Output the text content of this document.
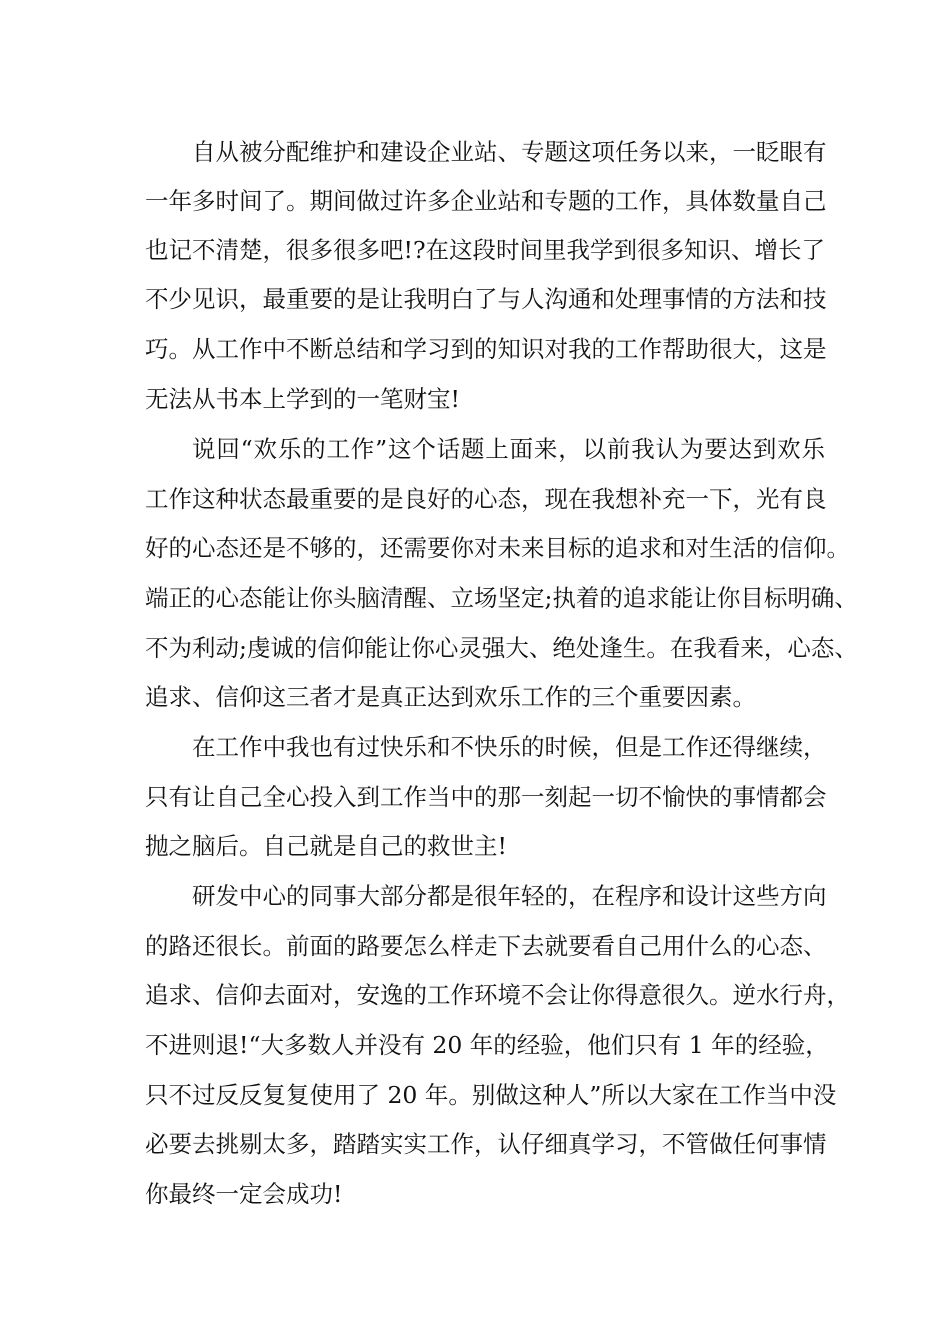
自从被分配维护和建设企业站、专题这项任务以来，一眨眼有
一年多时间了。期间做过许多企业站和专题的工作，具体数量自己
也记不清楚，很多很多吧!?在这段时间里我学到很多知识、增长了
不少见识，最重要的是让我明白了与人沟通和处理事情的方法和技
巧。从工作中不断总结和学习到的知识对我的工作帮助很大，这是
无法从书本上学到的一笔财宝!
说回“欢乐的工作”这个话题上面来，以前我认为要达到欢乐
工作这种状态最重要的是良好的心态，现在我想补充一下，光有良
好的心态还是不够的，还需要你对未来目标的追求和对生活的信仰。
端正的心态能让你头脑清醒、立场坚定;执着的追求能让你目标明确、
不为利动;虔诚的信仰能让你心灵强大、绝处逢生。在我看来，心态、
追求、信仰这三者才是真正达到欢乐工作的三个重要因素。
在工作中我也有过快乐和不快乐的时候，但是工作还得继续，
只有让自己全心投入到工作当中的那一刻起一切不愉快的事情都会
抛之脑后。自己就是自己的救世主!
研发中心的同事大部分都是很年轻的，在程序和设计这些方向
的路还很长。前面的路要怎么样走下去就要看自己用什么的心态、
追求、信仰去面对，安逸的工作环境不会让你得意很久。逆水行舟，
不进则退!“大多数人并没有 20 年的经验，他们只有 1 年的经验，
只不过反反复复使用了 20 年。别做这种人”所以大家在工作当中没
必要去挑剔太多，踏踏实实工作，认仔细真学习，不管做任何事情
你最终一定会成功!
